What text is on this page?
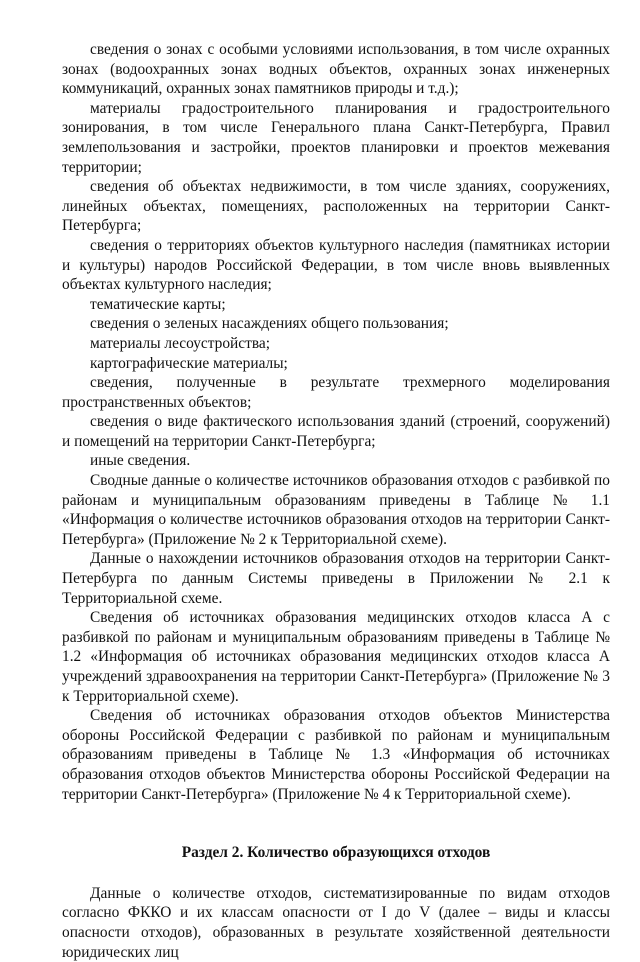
сведения о зонах с особыми условиями использования, в том числе охранных зонах (водоохранных зонах водных объектов, охранных зонах инженерных коммуникаций, охранных зонах памятников природы и т.д.);

материалы градостроительного планирования и градостроительного зонирования, в том числе Генерального плана Санкт-Петербурга, Правил землепользования и застройки, проектов планировки и проектов межевания территории;

сведения об объектах недвижимости, в том числе зданиях, сооружениях, линейных объектах, помещениях, расположенных на территории Санкт-Петербурга;

сведения о территориях объектов культурного наследия (памятниках истории и культуры) народов Российской Федерации, в том числе вновь выявленных объектах культурного наследия;

тематические карты;

сведения о зеленых насаждениях общего пользования;

материалы лесоустройства;

картографические материалы;

сведения, полученные в результате трехмерного моделирования пространственных объектов;

сведения о виде фактического использования зданий (строений, сооружений) и помещений на территории Санкт-Петербурга;

иные сведения.

Сводные данные о количестве источников образования отходов с разбивкой по районам и муниципальным образованиям приведены в Таблице № 1.1 «Информация о количестве источников образования отходов на территории Санкт-Петербурга» (Приложение № 2 к Территориальной схеме).

Данные о нахождении источников образования отходов на территории Санкт-Петербурга по данным Системы приведены в Приложении № 2.1 к Территориальной схеме.

Сведения об источниках образования медицинских отходов класса А с разбивкой по районам и муниципальным образованиям приведены в Таблице № 1.2 «Информация об источниках образования медицинских отходов класса А учреждений здравоохранения на территории Санкт-Петербурга» (Приложение № 3 к Территориальной схеме).

Сведения об источниках образования отходов объектов Министерства обороны Российской Федерации с разбивкой по районам и муниципальным образованиям приведены в Таблице № 1.3 «Информация об источниках образования отходов объектов Министерства обороны Российской Федерации на территории Санкт-Петербурга» (Приложение № 4 к Территориальной схеме).

Раздел 2. Количество образующихся отходов

Данные о количестве отходов, систематизированные по видам отходов согласно ФККО и их классам опасности от I до V (далее – виды и классы опасности отходов), образованных в результате хозяйственной деятельности юридических лиц
